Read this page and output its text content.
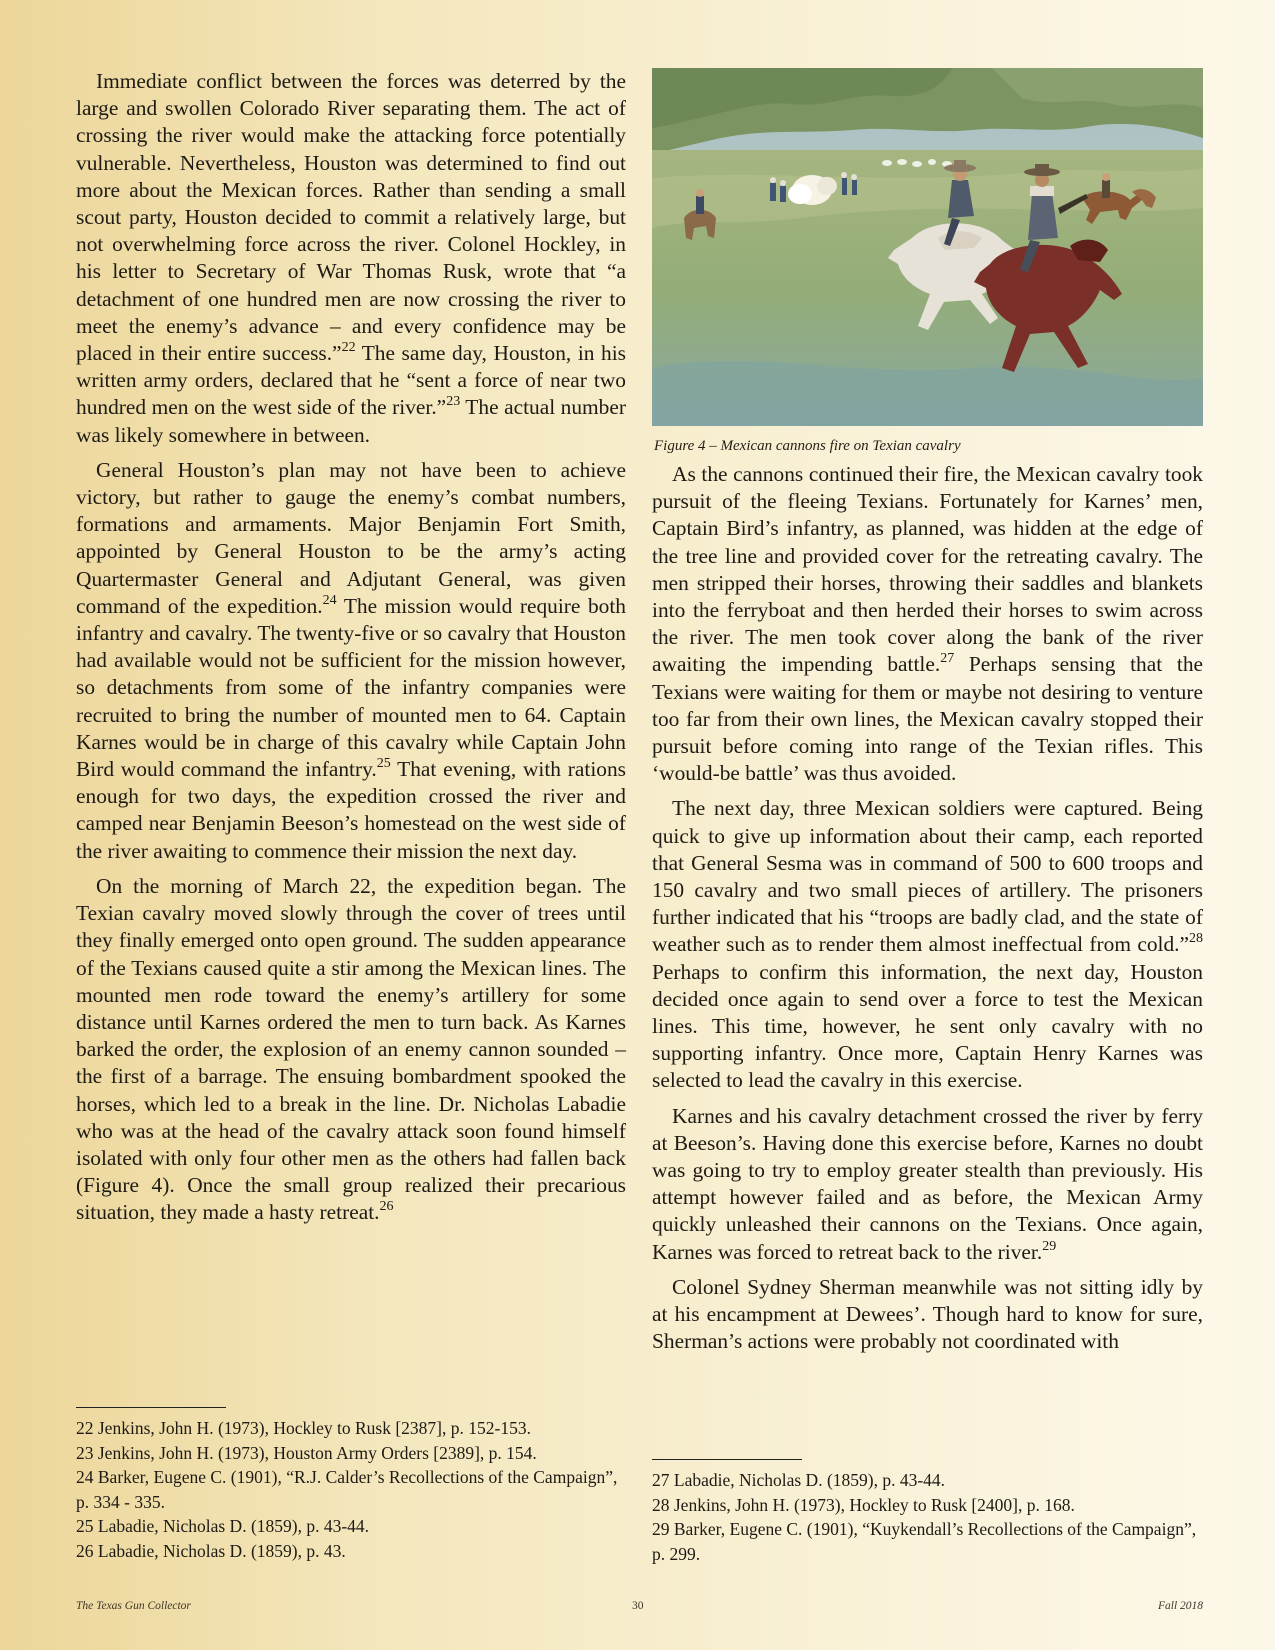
Immediate conflict between the forces was deterred by the large and swollen Colorado River separating them. The act of crossing the river would make the attacking force potentially vulnerable. Nevertheless, Houston was determined to find out more about the Mexican forces. Rather than sending a small scout party, Houston decided to commit a relatively large, but not overwhelming force across the river. Colonel Hockley, in his letter to Secretary of War Thomas Rusk, wrote that “a detachment of one hundred men are now crossing the river to meet the enemy’s advance – and every confidence may be placed in their entire success.”$^{22}$ The same day, Houston, in his written army orders, declared that he “sent a force of near two hundred men on the west side of the river.”$^{23}$ The actual number was likely somewhere in between.

General Houston’s plan may not have been to achieve victory, but rather to gauge the enemy’s combat numbers, formations and armaments. Major Benjamin Fort Smith, appointed by General Houston to be the army’s acting Quartermaster General and Adjutant General, was given command of the expedition.$^{24}$ The mission would require both infantry and cavalry. The twenty-five or so cavalry that Houston had available would not be sufficient for the mission however, so detachments from some of the infantry companies were recruited to bring the number of mounted men to 64. Captain Karnes would be in charge of this cavalry while Captain John Bird would command the infantry.$^{25}$ That evening, with rations enough for two days, the expedition crossed the river and camped near Benjamin Beeson’s homestead on the west side of the river awaiting to commence their mission the next day.

On the morning of March 22, the expedition began. The Texian cavalry moved slowly through the cover of trees until they finally emerged onto open ground. The sudden appearance of the Texians caused quite a stir among the Mexican lines. The mounted men rode toward the enemy’s artillery for some distance until Karnes ordered the men to turn back. As Karnes barked the order, the explosion of an enemy cannon sounded – the first of a barrage. The ensuing bombardment spooked the horses, which led to a break in the line. Dr. Nicholas Labadie who was at the head of the cavalry attack soon found himself isolated with only four other men as the others had fallen back (Figure 4). Once the small group realized their precarious situation, they made a hasty retreat.$^{26}$

22 Jenkins, John H. (1973), Hockley to Rusk [2387], p. 152-153.

23 Jenkins, John H. (1973), Houston Army Orders [2389], p. 154.

24 Barker, Eugene C. (1901), “R.J. Calder’s Recollections of the Campaign”, p. 334 - 335.

25 Labadie, Nicholas D. (1859), p. 43-44.

26 Labadie, Nicholas D. (1859), p. 43.

Figure 4 – Mexican cannons fire on Texian cavalry

As the cannons continued their fire, the Mexican cavalry took pursuit of the fleeing Texians. Fortunately for Karnes’ men, Captain Bird’s infantry, as planned, was hidden at the edge of the tree line and provided cover for the retreating cavalry. The men stripped their horses, throwing their saddles and blankets into the ferryboat and then herded their horses to swim across the river. The men took cover along the bank of the river awaiting the impending battle.$^{27}$ Perhaps sensing that the Texians were waiting for them or maybe not desiring to venture too far from their own lines, the Mexican cavalry stopped their pursuit before coming into range of the Texian rifles. This ‘would-be battle’ was thus avoided.

The next day, three Mexican soldiers were captured. Being quick to give up information about their camp, each reported that General Sesma was in command of 500 to 600 troops and 150 cavalry and two small pieces of artillery. The prisoners further indicated that his “troops are badly clad, and the state of weather such as to render them almost ineffectual from cold.”$^{28}$ Perhaps to confirm this information, the next day, Houston decided once again to send over a force to test the Mexican lines. This time, however, he sent only cavalry with no supporting infantry. Once more, Captain Henry Karnes was selected to lead the cavalry in this exercise.

Karnes and his cavalry detachment crossed the river by ferry at Beeson’s. Having done this exercise before, Karnes no doubt was going to try to employ greater stealth than previously. His attempt however failed and as before, the Mexican Army quickly unleashed their cannons on the Texians. Once again, Karnes was forced to retreat back to the river.$^{29}$

Colonel Sydney Sherman meanwhile was not sitting idly by at his encampment at Dewees’. Though hard to know for sure, Sherman’s actions were probably not coordinated with

27 Labadie, Nicholas D. (1859), p. 43-44.

28 Jenkins, John H. (1973), Hockley to Rusk [2400], p. 168.

29 Barker, Eugene C. (1901), “Kuykendall’s Recollections of the Campaign”, p. 299.

The Texas Gun Collector	30	Fall 2018
